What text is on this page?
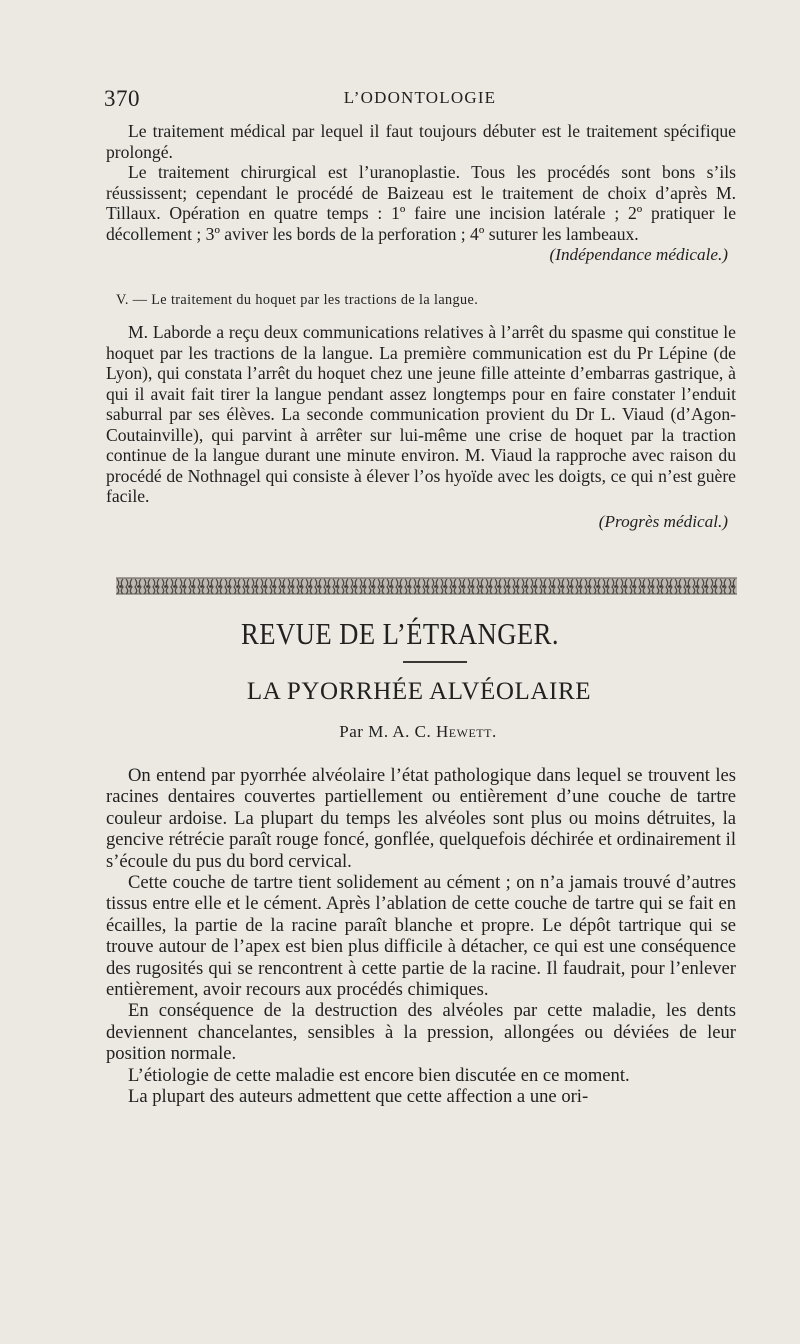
370	L’ODONTOLOGIE

Le traitement médical par lequel il faut toujours débuter est le traitement spécifique prolongé.

Le traitement chirurgical est l’uranoplastie. Tous les procédés sont bons s’ils réussissent; cependant le procédé de Baizeau est le traitement de choix d’après M. Tillaux. Opération en quatre temps : 1º faire une incision latérale ; 2º pratiquer le décollement ; 3º aviver les bords de la perforation ; 4º suturer les lambeaux.

(Indépendance médicale.)

V. — Le traitement du hoquet par les tractions de la langue.

M. Laborde a reçu deux communications relatives à l’arrêt du spasme qui constitue le hoquet par les tractions de la langue. La première communication est du Pr Lépine (de Lyon), qui constata l’arrêt du hoquet chez une jeune fille atteinte d’embarras gastrique, à qui il avait fait tirer la langue pendant assez longtemps pour en faire constater l’enduit saburral par ses élèves. La seconde communication provient du Dr L. Viaud (d’Agon-Coutainville), qui parvint à arrêter sur lui-même une crise de hoquet par la traction continue de la langue durant une minute environ. M. Viaud la rapproche avec raison du procédé de Nothnagel qui consiste à élever l’os hyoïde avec les doigts, ce qui n’est guère facile.

(Progrès médical.)

REVUE DE L’ÉTRANGER.
LA PYORRHÉE ALVÉOLAIRE
Par M. A. C. Hewett.

On entend par pyorrhée alvéolaire l’état pathologique dans lequel se trouvent les racines dentaires couvertes partiellement ou entièrement d’une couche de tartre couleur ardoise. La plupart du temps les alvéoles sont plus ou moins détruites, la gencive rétrécie paraît rouge foncé, gonflée, quelquefois déchirée et ordinairement il s’écoule du pus du bord cervical.

Cette couche de tartre tient solidement au cément ; on n’a jamais trouvé d’autres tissus entre elle et le cément. Après l’ablation de cette couche de tartre qui se fait en écailles, la partie de la racine paraît blanche et propre. Le dépôt tartrique qui se trouve autour de l’apex est bien plus difficile à détacher, ce qui est une conséquence des rugosités qui se rencontrent à cette partie de la racine. Il faudrait, pour l’enlever entièrement, avoir recours aux procédés chimiques.

En conséquence de la destruction des alvéoles par cette maladie, les dents deviennent chancelantes, sensibles à la pression, allongées ou déviées de leur position normale.

L’étiologie de cette maladie est encore bien discutée en ce moment.

La plupart des auteurs admettent que cette affection a une ori-
